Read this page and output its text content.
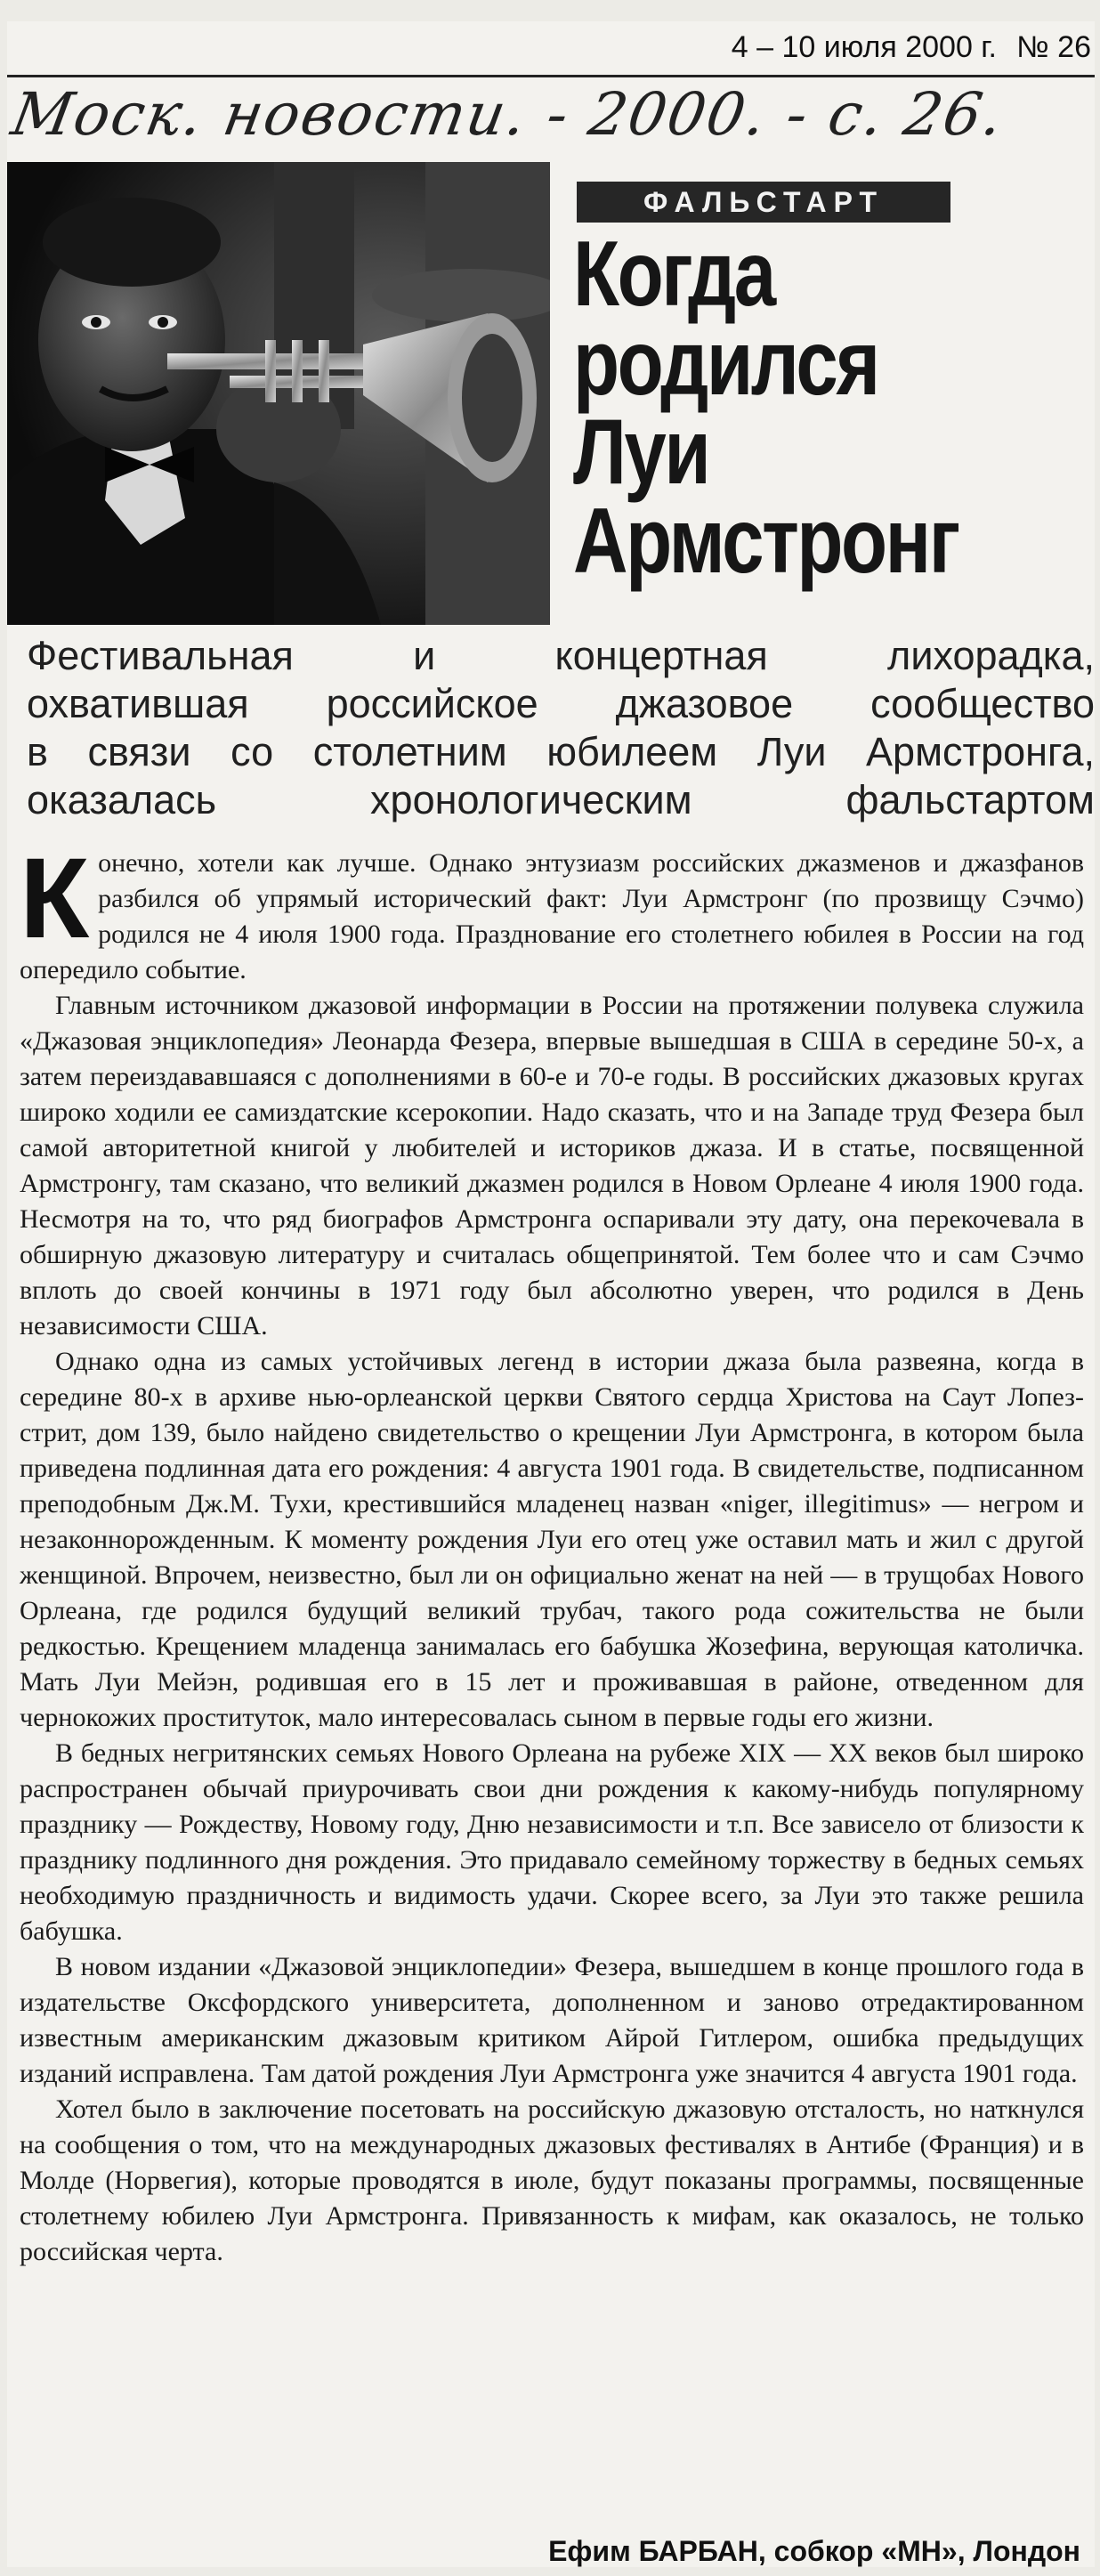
4 – 10 июля 2000 г. № 26
Моск. новости. - 2000. - с. 26.
ФАЛЬСТАРТ
Когда
родился
Луи
Армстронг
Фестивальная и концертная лихорадка,
охватившая российское джазовое сообщество
в связи со столетним юбилеем Луи Армстронга,
оказалась хронологическим фальстартом

Конечно, хотели как лучше. Однако энтузиазм российских джазменов и джазфанов разбился об упрямый исторический факт: Луи Армстронг (по прозвищу Сэчмо) родился не 4 июля 1900 года. Празднование его столетнего юбилея в России на год опередило событие.

Главным источником джазовой информации в России на протяжении полувека служила «Джазовая энциклопедия» Леонарда Фезера, впервые вышедшая в США в середине 50-х, а затем переиздававшаяся с дополнениями в 60-е и 70-е годы. В российских джазовых кругах широко ходили ее самиздатские ксерокопии. Надо сказать, что и на Западе труд Фезера был самой авторитетной книгой у любителей и историков джаза. И в статье, посвященной Армстронгу, там сказано, что великий джазмен родился в Новом Орлеане 4 июля 1900 года. Несмотря на то, что ряд биографов Армстронга оспаривали эту дату, она перекочевала в обширную джазовую литературу и считалась общепринятой. Тем более что и сам Сэчмо вплоть до своей кончины в 1971 году был абсолютно уверен, что родился в День независимости США.

Однако одна из самых устойчивых легенд в истории джаза была развеяна, когда в середине 80-х в архиве нью-орлеанской церкви Святого сердца Христова на Саут Лопез-стрит, дом 139, было найдено свидетельство о крещении Луи Армстронга, в котором была приведена подлинная дата его рождения: 4 августа 1901 года. В свидетельстве, подписанном преподобным Дж.М. Тухи, крестившийся младенец назван «niger, illegitimus» — негром и незаконнорожденным. К моменту рождения Луи его отец уже оставил мать и жил с другой женщиной. Впрочем, неизвестно, был ли он официально женат на ней — в трущобах Нового Орлеана, где родился будущий великий трубач, такого рода сожительства не были редкостью. Крещением младенца занималась его бабушка Жозефина, верующая католичка. Мать Луи Мейэн, родившая его в 15 лет и проживавшая в районе, отведенном для чернокожих проституток, мало интересовалась сыном в первые годы его жизни.

В бедных негритянских семьях Нового Орлеана на рубеже XIX — XX веков был широко распространен обычай приурочивать свои дни рождения к какому-нибудь популярному празднику — Рождеству, Новому году, Дню независимости и т.п. Все зависело от близости к празднику подлинного дня рождения. Это придавало семейному торжеству в бедных семьях необходимую праздничность и видимость удачи. Скорее всего, за Луи это также решила бабушка.

В новом издании «Джазовой энциклопедии» Фезера, вышедшем в конце прошлого года в издательстве Оксфордского университета, дополненном и заново отредактированном известным американским джазовым критиком Айрой Гитлером, ошибка предыдущих изданий исправлена. Там датой рождения Луи Армстронга уже значится 4 августа 1901 года.

Хотел было в заключение посетовать на российскую джазовую отсталость, но наткнулся на сообщения о том, что на международных джазовых фестивалях в Антибе (Франция) и в Молде (Норвегия), которые проводятся в июле, будут показаны программы, посвященные столетнему юбилею Луи Армстронга. Привязанность к мифам, как оказалось, не только российская черта.

Ефим БАРБАН, собкор «МН», Лондон
